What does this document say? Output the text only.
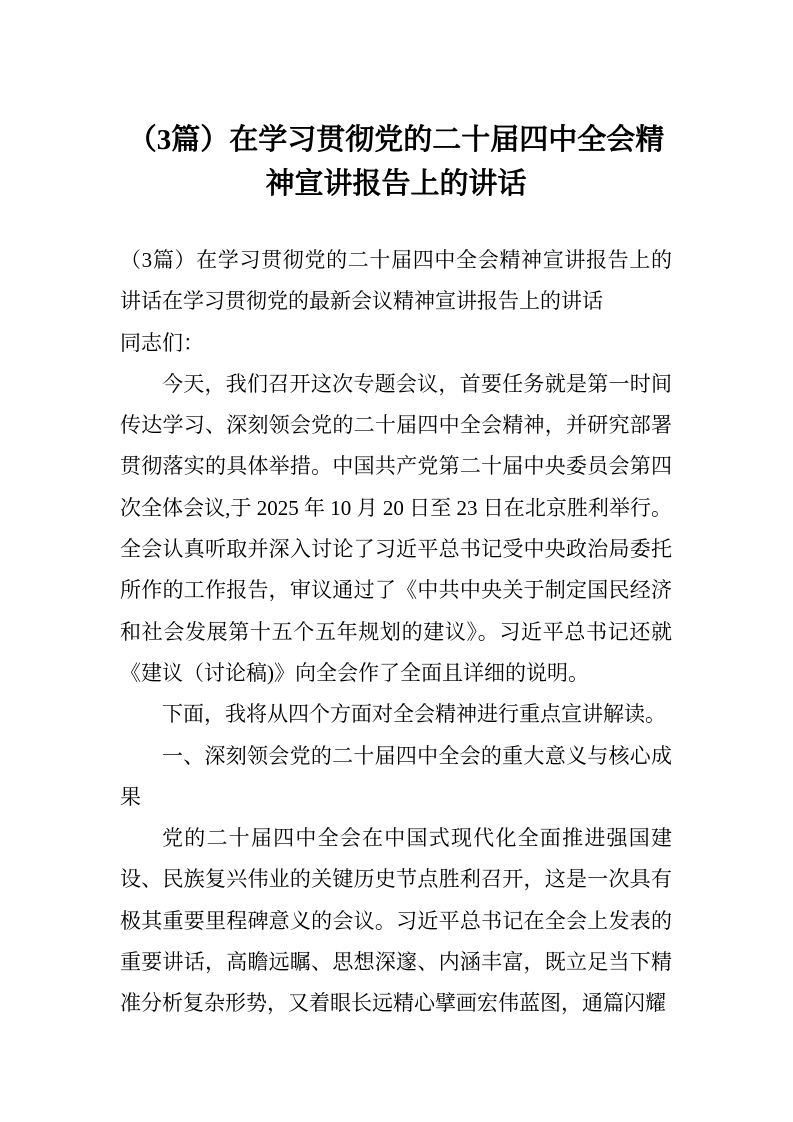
（3篇）在学习贯彻党的二十届四中全会精神宣讲报告上的讲话

（3篇）在学习贯彻党的二十届四中全会精神宣讲报告上的讲话在学习贯彻党的最新会议精神宣讲报告上的讲话

同志们：

今天，我们召开这次专题会议，首要任务就是第一时间传达学习、深刻领会党的二十届四中全会精神，并研究部署贯彻落实的具体举措。中国共产党第二十届中央委员会第四次全体会议,于 2025 年 10 月 20 日至 23 日在北京胜利举行。全会认真听取并深入讨论了习近平总书记受中央政治局委托所作的工作报告，审议通过了《中共中央关于制定国民经济和社会发展第十五个五年规划的建议》。习近平总书记还就《建议（讨论稿)》向全会作了全面且详细的说明。

下面，我将从四个方面对全会精神进行重点宣讲解读。

一、深刻领会党的二十届四中全会的重大意义与核心成果

党的二十届四中全会在中国式现代化全面推进强国建设、民族复兴伟业的关键历史节点胜利召开，这是一次具有极其重要里程碑意义的会议。习近平总书记在全会上发表的重要讲话，高瞻远瞩、思想深邃、内涵丰富，既立足当下精准分析复杂形势，又着眼长远精心擘画宏伟蓝图，通篇闪耀
